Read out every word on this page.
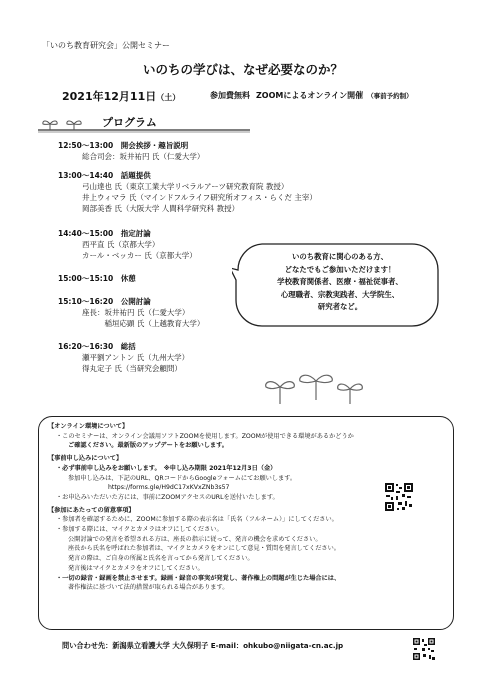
「いのち教育研究会」公開セミナー
いのちの学びは、なぜ必要なのか？
2021年12月11日（土）	参加費無料 ZOOMによるオンライン開催 （事前予約制）
プログラム
12:50～13:00　開会挨拶・趣旨説明
総合司会：坂井祐円 氏（仁愛大学）
13:00～14:40　話題提供
弓山達也 氏（東京工業大学リベラルアーツ研究教育院 教授）
井上ウィマラ 氏（マインドフルライフ研究所オフィス・らくだ 主宰）
岡部美香 氏（大阪大学 人間科学研究科 教授）
14:40～15:00　指定討論
西平直 氏（京都大学）
カール・ベッカー 氏（京都大学）
15:00～15:10　休憩
15:10～16:20　公開討論
座長：坂井祐円 氏（仁愛大学）
　　　稲垣応顕 氏（上越教育大学）
16:20～16:30　総括
瀬平劉アントン 氏（九州大学）
得丸定子 氏（当研究会顧問）
いのち教育に関心のある方、
どなたでもご参加いただけます！
学校教育関係者、医療・福祉従事者、
心理職者、宗教実践者、大学院生、
研究者など。
【オンライン環境について】
・このセミナーは、オンライン会議用ソフトZOOMを使用します。ZOOMが使用できる環境があるかどうか
ご確認ください。最新版のアップデートをお願いします。
【事前申し込みについて】
・必ず事前申し込みをお願いします。　 ※申し込み期限 2021年12月3日（金）
参加申し込みは、下記のURL、QRコードからGoogleフォームにてお願いします。
https://forms.gle/H9dC17xKVxZNb3s57
・お申込みいただいた方には、事前にZOOMアクセスのURLを送付いたします。
【参加にあたっての留意事項】
・参加者を確認するために、ZOOMに参加する際の表示名は「氏名（フルネーム）」にしてください。
・参加する際には、マイクとカメラはオフにしてください。
公開討論での発言を希望される方は、座長の指示に従って、発言の機会を求めてください。
座長から氏名を呼ばれた参加者は、マイクとカメラをオンにして意見・質問を発言してください。
発言の際は、ご自身の所属と氏名を言ってから発言してください。
発言後はマイクとカメラをオフにしてください。
・一切の録音・録画を禁止させます。録画・録音の事実が発覚し、著作権上の問題が生じた場合には、
著作権法に基づいて法的措置が取られる場合があります。
問い合わせ先：新潟県立看護大学 大久保明子 E-mail：ohkubo@niigata-cn.ac.jp
